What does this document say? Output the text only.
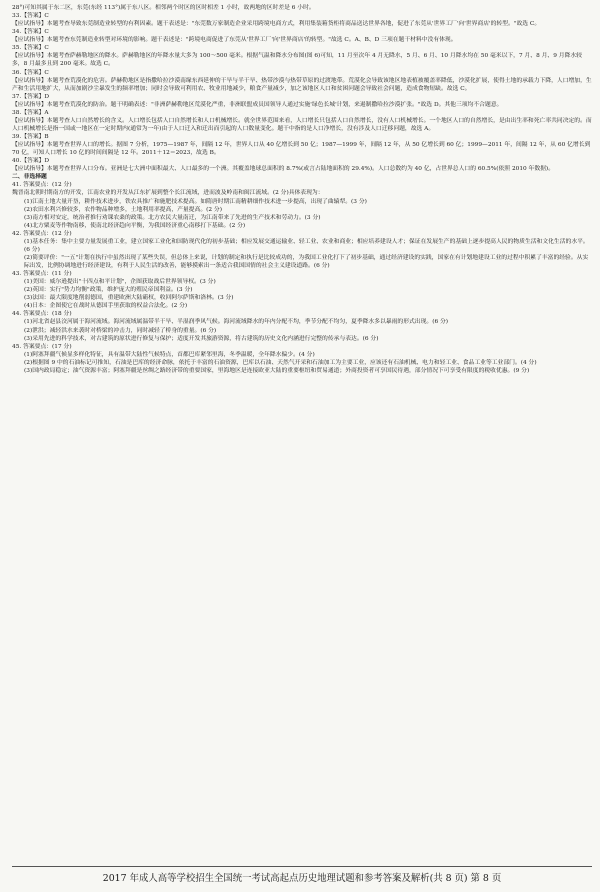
28°)可知其属于东二区，东莞(东经 113°)属于东八区。相邻两个时区的区时相差 1 小时，故两地的区时差是 6 小时。
33.【答案】C
【应试指导】本题考查导致东莞制造业转型的有利因素。题干表述是："东莞数万家制造企业采用跨境电商方式，利用集装箱货柜将商品送达世界各地，促进了东莞从'世界工厂'向'世界商店'的转型。"故选 C。
34.【答案】C
【应试指导】本题考查东莞制造业转型对环境的影响。题干表述是："跨境电商促进了东莞从'世界工厂'向'世界商店'的转型。"故选 C。A、B、D 三项在题干材料中没有体现。
35.【答案】C
【应试指导】本题考查萨赫勒地区的降水。萨赫勒地区的年降水量大多为 100～500 毫米。根据气温和降水分布图(图 6)可知，11 月至次年 4 月无降水，5 月、6 月、10 月降水均在 50 毫米以下，7 月、8 月、9 月降水较多，8 月最多且到 200 毫米。故选 C。
36.【答案】C
【应试指导】本题考查荒漠化的危害。萨赫勒地区是指撒哈拉沙漠南缘东西延伸的干旱与半干旱、热带沙漠与热带草原的过渡地带。荒漠化会导致该地区地表植被覆盖率降低，沙漠化扩展，使得土地的承载力下降，人口增加，生产和生活用地扩大，从而加剧沙尘暴发生的频率增加；同时会导致可利用农、牧业用地减少，粮食产量减少，加之该地区人口和贫困问题会导致社会问题，造成食物短缺。故选 C。
37.【答案】D
【应试指导】本题考查荒漠化的防治。题干明确表述："非洲萨赫勒地区荒漠化严重，非洲联盟成员国领导人通过实施'绿色长城'计划，来遏制撒哈拉沙漠扩张。"故选 D。其他三项均不合题意。
38.【答案】A
【应试指导】本题考查人口自然增长的含义。人口增长包括人口自然增长和人口机械增长。就全世界范围来看，人口增长只包括人口自然增长，没有人口机械增长。一个地区人口的自然增长，是由出生率和死亡率共同决定的。而人口机械增长是指一国或一地区在一定时期内(通常为一年)由于人口迁入和迁出而引起的人口数量变化。题干中指的是人口净增长，没有涉及人口迁移问题，故选 A。
39.【答案】B
【应试指导】本题考查世界人口的增长。据图 7 分析，1975—1987 年，间隔 12 年，世界人口从 40 亿增长到 50 亿；1987—1999 年，间隔 12 年，从 50 亿增长到 60 亿；1999—2011 年，间隔 12 年，从 60 亿增长到 70 亿，可知人口增长 10 亿的时间间隔是 12 年。2011＋12＝2023，故选 B。
40.【答案】D
【应试指导】本题考查世界人口分布。亚洲是七大洲中面积最大、人口最多的一个洲。其覆盖地球总面积的 8.7%(或言占陆地面积的 29.4%)。人口总数约为 40 亿，占世界总人口的 60.5%(依照 2010 年数据)。
二、非选择题
41. 答案要点：(12 分)
魏晋南北朝时期南方的开发，江南农业的开发从江东扩展到整个长江流域，进而波及岭南和闽江流域。(2 分)具体表现为：
(1)江南土地大量开垦，耕作技术进步，铁农具推广和施肥技术提高。如隋唐时期江南精耕细作技术进一步提高，出现了曲辕犁。(3 分)
(2)农田水利兴修较多，农作物品种增多，土地利用率提高，产量提高。(2 分)
(3)南方相对安定，统治者推行劝课农桑的政策。北方农民大量南迁，为江南带来了先进的生产技术和劳动力。(3 分)
(4)北方粟麦等作物南移，使南北经济趋向平衡，为我国经济重心南移打下基础。(2 分)
42. 答案要点：(12 分)
(1)基本任务：集中主要力量发展重工业，建立国家工业化和国防现代化的初步基础；相应发展交通运输业、轻工业、农业和商业；相应培养建设人才；保证在发展生产的基础上逐步提高人民的物质生活和文化生活的水平。(6 分)
(2)简要评价："一五"计划在执行中虽然出现了某些失误，但总体上来说，计划的制定和执行是比较成功的，为我国工业化打下了初步基础，通过经济建设的实践，国家在有计划地建设工业的过程中积累了丰富的经验。从实际出发，比例协调地进行经济建设，有利于人民生活的改善，能够摸索出一条适合我国国情的社会主义建设道路。(6 分)
43. 答案要点：(11 分)
(1)美国：威尔逊提出"十四点和平计划"，企图获取战后世界领导权。(3 分)
(2)英国：实行"势力均衡"政策，维护庞大的殖民帝国利益。(3 分)
(3)法国：最大限度地削弱德国，重建欧洲大陆霸权，收回阿尔萨斯和洛林。(3 分)
(4)日本：企图使它在战时从德国手里获取的权益合法化。(2 分)
44. 答案要点：(18 分)
(1)河北省赵县洨河属于海河流域。海河流域属温带半干旱、半湿润季风气候。海河流域降水的年内分配不均，季节分配不均匀，夏季降水多以暴雨的形式出现。(6 分)
(2)泄洪；减轻洪水来袭时对桥梁的冲击力，同时减轻了桥身的重量。(6 分)
(3)采用先进的科学技术，对古建筑的原状进行修复与保护；适度开发其旅游资源，将古建筑的历史文化内涵进行完整的传承与表达。(6 分)
45. 答案要点：(17 分)
(1)阿塞拜疆气候显多样化特征，具有温带大陆性气候特点，首都巴库紧邻里海，冬季温暖，全年降水偏少。(4 分)
(2)根据图 9 中的石油标记可推知，石油是巴库的经济命脉，依托于丰富的石油资源，巴库以石油、天然气开采和石油加工为主要工业，应该还有石油机械、电力和轻工业、食品工业等工业部门。(4 分)
(3)国内政局稳定；油气资源丰富；阿塞拜疆是丝绸之路经济带的重要国家，里海地区是连接欧亚大陆的重要枢纽和贸易通道；外商投资者可享国民待遇，部分情况下可享受有限度的税收优惠。(9 分)
2017 年成人高等学校招生全国统一考试高起点历史地理试题和参考答案及解析(共 8 页) 第 8 页
